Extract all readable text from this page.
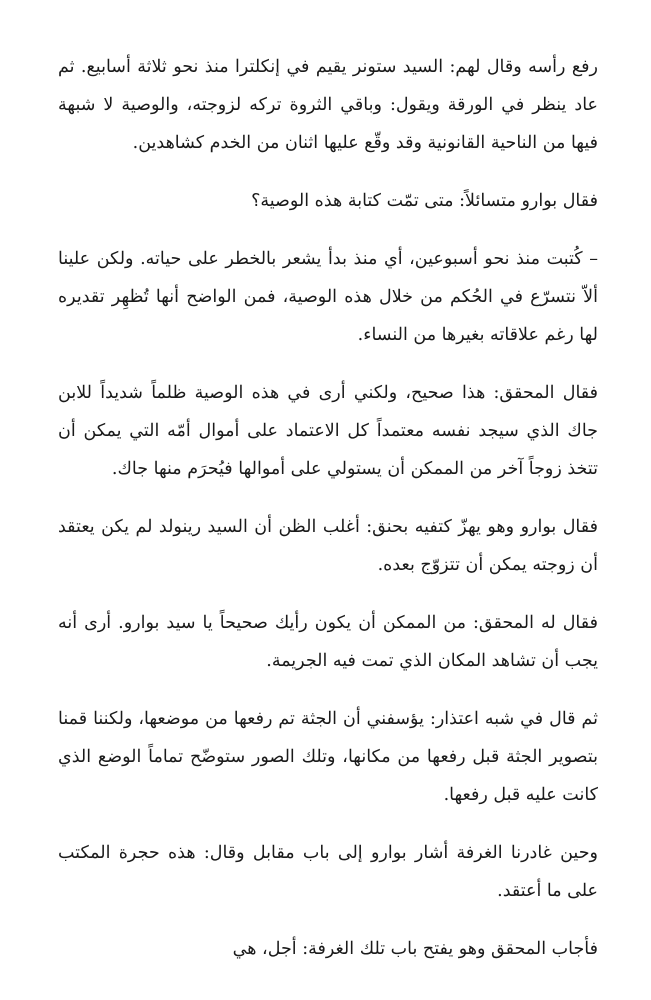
رفع رأسه وقال لهم: السيد ستونر يقيم في إنكلترا منذ نحو ثلاثة أسابيع. ثم عاد ينظر في الورقة ويقول: وباقي الثروة تركه لزوجته، والوصية لا شبهة فيها من الناحية القانونية وقد وقّع عليها اثنان من الخدم كشاهدين.

فقال بوارو متسائلاً: متى تمّت كتابة هذه الوصية؟

– كُتبت منذ نحو أسبوعين، أي منذ بدأ يشعر بالخطر على حياته. ولكن علينا ألاّ نتسرّع في الحُكم من خلال هذه الوصية، فمن الواضح أنها تُظهِر تقديره لها رغم علاقاته بغيرها من النساء.

فقال المحقق: هذا صحيح، ولكني أرى في هذه الوصية ظلماً شديداً للابن جاك الذي سيجد نفسه معتمداً كل الاعتماد على أموال أمّه التي يمكن أن تتخذ زوجاً آخر من الممكن أن يستولي على أموالها فيُحرَم منها جاك.

فقال بوارو وهو يهزّ كتفيه بحنق: أغلب الظن أن السيد رينولد لم يكن يعتقد أن زوجته يمكن أن تتزوّج بعده.

فقال له المحقق: من الممكن أن يكون رأيك صحيحاً يا سيد بوارو. أرى أنه يجب أن تشاهد المكان الذي تمت فيه الجريمة.

ثم قال في شبه اعتذار: يؤسفني أن الجثة تم رفعها من موضعها، ولكننا قمنا بتصوير الجثة قبل رفعها من مكانها، وتلك الصور ستوضّح تماماً الوضع الذي كانت عليه قبل رفعها.

وحين غادرنا الغرفة أشار بوارو إلى باب مقابل وقال: هذه حجرة المكتب على ما أعتقد.

فأجاب المحقق وهو يفتح باب تلك الغرفة: أجل، هي
